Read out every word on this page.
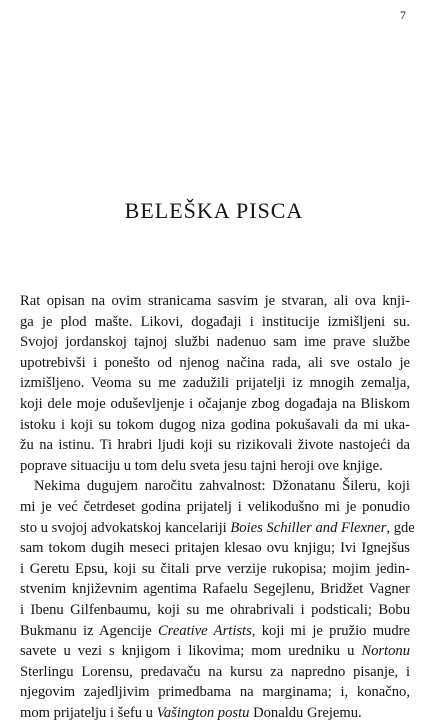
7
BELEŠKA PISCA
Rat opisan na ovim stranicama sasvim je stvaran, ali ova knji-
ga je plod mašte. Likovi, događaji i institucije izmišljeni su.
Svojoj jordanskoj tajnoj službi nadenuo sam ime prave službe
upotrebivši i ponešto od njenog načina rada, ali sve ostalo je
izmišljeno. Veoma su me zadužili prijatelji iz mnogih zemalja,
koji dele moje oduševljenje i očajanje zbog događaja na Bliskom
istoku i koji su tokom dugog niza godina pokušavali da mi uka-
žu na istinu. Ti hrabri ljudi koji su rizikovali živote nastojeći da
poprave situaciju u tom delu sveta jesu tajni heroji ove knjige.
Nekima dugujem naročitu zahvalnost: Džonatanu Šileru, koji
mi je već četrdeset godina prijatelj i velikodušno mi je ponudio
sto u svojoj advokatskoj kancelariji Boies Schiller and Flexner, gde
sam tokom dugih meseci pritajen klesao ovu knjigu; Ivi Ignejšus
i Geretu Epsu, koji su čitali prve verzije rukopisa; mojim jedin-
stvenim književnim agentima Rafaelu Segejlenu, Bridžet Vagner
i Ibenu Gilfenbaumu, koji su me ohrabrivali i podsticali; Bobu
Bukmanu iz Agencije Creative Artists, koji mi je pružio mudre
savete u vezi s knjigom i likovima; mom uredniku u Nortonu
Sterlingu Lorensu, predavaču na kursu za napredno pisanje, i
njegovim zajedljivim primedbama na marginama; i, konačno,
mom prijatelju i šefu u Vašington postu Donaldu Grejemu.
